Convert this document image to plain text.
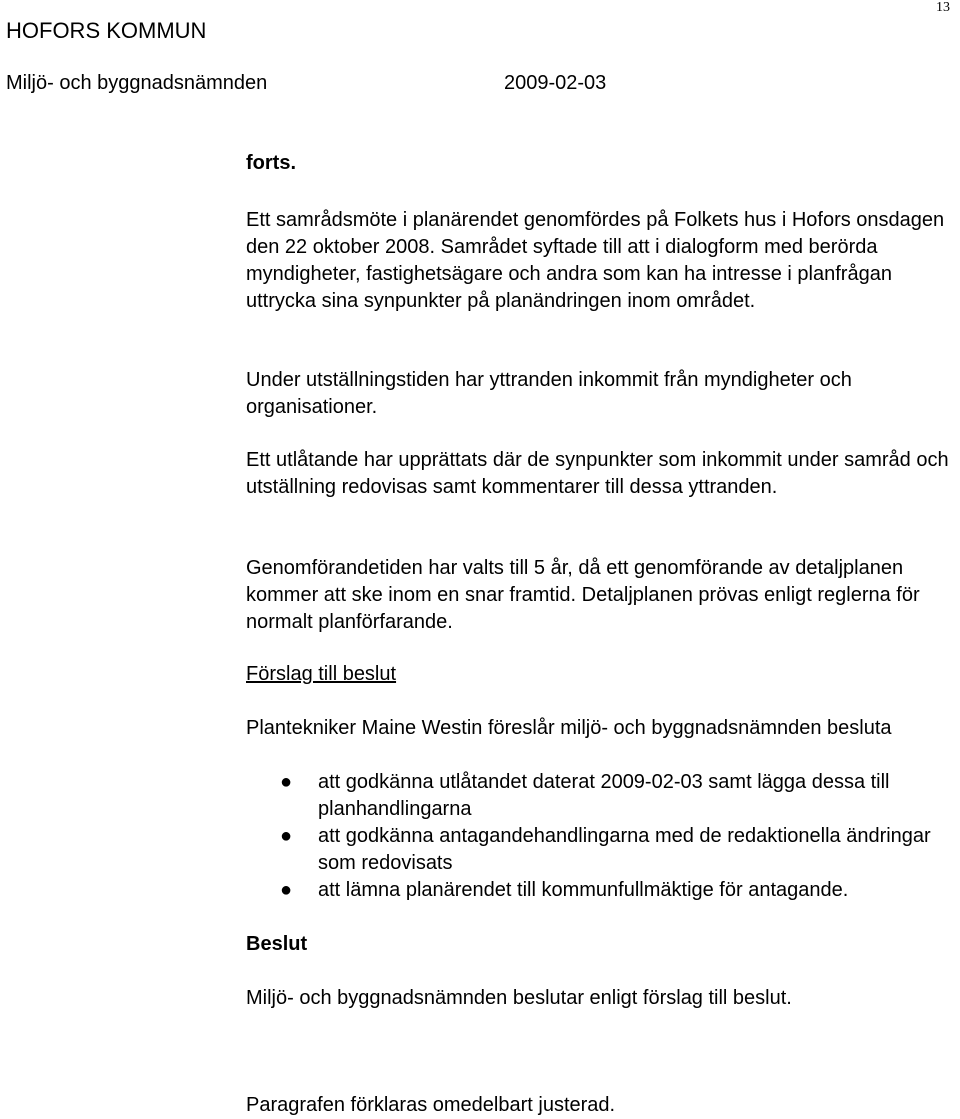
13
HOFORS KOMMUN
Miljö- och byggnadsnämnden	2009-02-03
forts.
Ett samrådsmöte i planärendet genomfördes på Folkets hus i Hofors onsdagen den 22 oktober 2008. Samrådet syftade till att i dialogform med berörda myndigheter, fastighetsägare och andra som kan ha intresse i planfrågan uttrycka sina synpunkter på planändringen inom området.
Under utställningstiden har yttranden inkommit från myndigheter och organisationer.
Ett utlåtande har upprättats där de synpunkter som inkommit under samråd och utställning redovisas samt kommentarer till dessa yttranden.
Genomförandetiden har valts till 5 år, då ett genomförande av detaljplanen kommer att ske inom en snar framtid. Detaljplanen prövas enligt reglerna för normalt planförfarande.
Förslag till beslut
Plantekniker Maine Westin föreslår miljö- och byggnadsnämnden besluta
● att godkänna utlåtandet daterat 2009-02-03 samt lägga dessa till planhandlingarna
● att godkänna antagandehandlingarna med de redaktionella ändringar som redovisats
● att lämna planärendet till kommunfullmäktige för antagande.
Beslut
Miljö- och byggnadsnämnden beslutar enligt förslag till beslut.
Paragrafen förklaras omedelbart justerad.
